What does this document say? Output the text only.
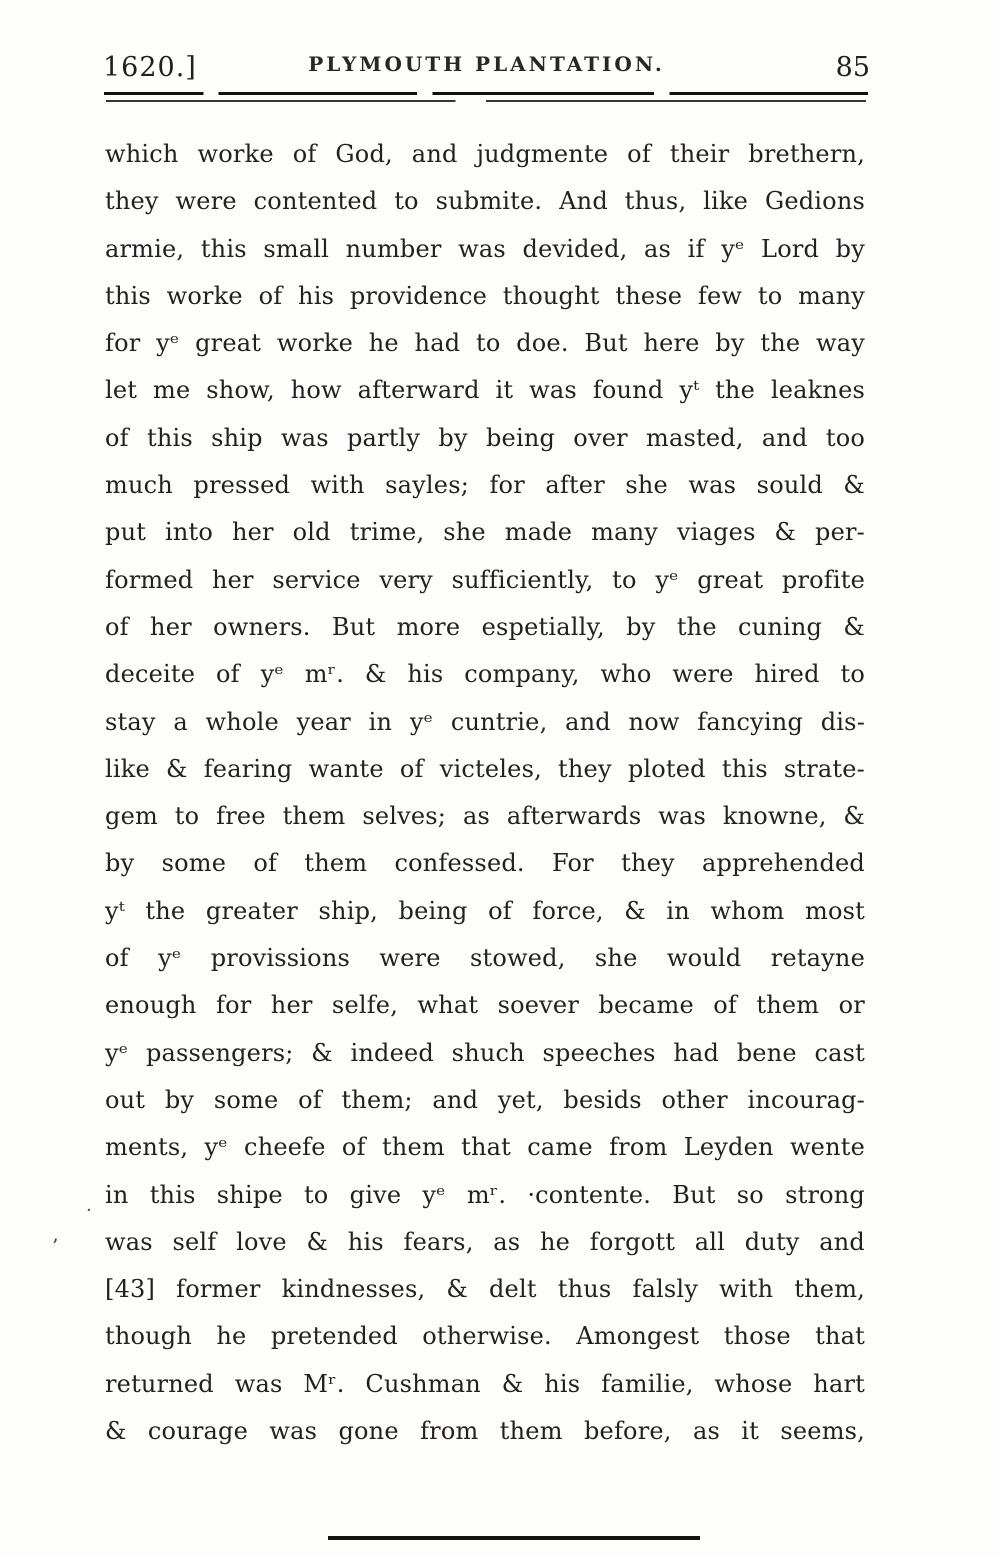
1620.]	PLYMOUTH PLANTATION.	85

which worke of God, and judgmente of their brethern,

they were contented to submite. And thus, like Gedions

armie, this small number was devided, as if yᵉ Lord by

this worke of his providence thought these few to many

for yᵉ great worke he had to doe. But here by the way

let me show, how afterward it was found yᵗ the leaknes

of this ship was partly by being over masted, and too

much pressed with sayles; for after she was sould &

put into her old trime, she made many viages & per-

formed her service very sufficiently, to yᵉ great profite

of her owners. But more espetially, by the cuning &

deceite of yᵉ mʳ. & his company, who were hired to

stay a whole year in yᵉ cuntrie, and now fancying dis-

like & fearing wante of victeles, they ploted this strate-

gem to free them selves; as afterwards was knowne, &

by some of them confessed. For they apprehended

yᵗ the greater ship, being of force, & in whom most

of yᵉ provissions were stowed, she would retayne

enough for her selfe, what soever became of them or

yᵉ passengers; & indeed shuch speeches had bene cast

out by some of them; and yet, besids other incourag-

ments, yᵉ cheefe of them that came from Leyden wente

in this shipe to give yᵉ mʳ. ·contente. But so strong

was self love & his fears, as he forgott all duty and

[43] former kindnesses, & delt thus falsly with them,

though he pretended otherwise. Amongest those that

returned was Mʳ. Cushman & his familie, whose hart

& courage was gone from them before, as it seems,

·
’
